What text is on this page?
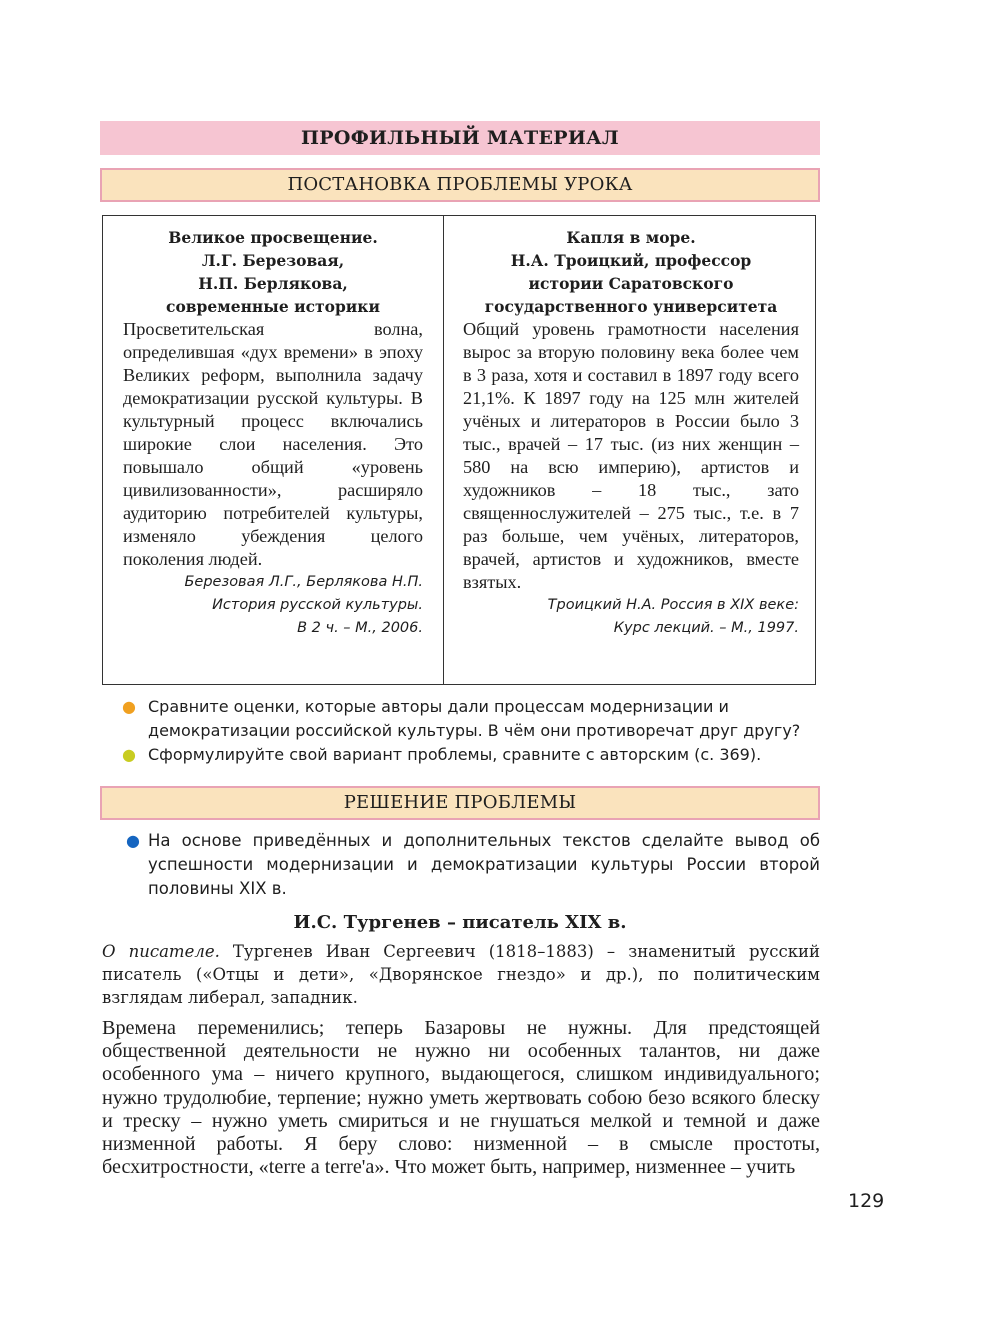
ПРОФИЛЬНЫЙ МАТЕРИАЛ
ПОСТАНОВКА ПРОБЛЕМЫ УРОКА
Великое просвещение.
Л.Г. Березовая,
Н.П. Берлякова,
современные историки
Просветительская волна, определившая «дух времени» в эпоху Великих реформ, выполнила задачу демократизации русской культуры. В культурный процесс включались широкие слои населения. Это повышало общий «уровень цивилизованности», расширяло аудиторию потребителей культуры, изменяло убеждения целого поколения людей.
Березовая Л.Г., Берлякова Н.П.
История русской культуры.
В 2 ч. – М., 2006.
Капля в море.
Н.А. Троицкий, профессор
истории Саратовского
государственного университета
Общий уровень грамотности населения вырос за вторую половину века более чем в 3 раза, хотя и составил в 1897 году всего 21,1%. К 1897 году на 125 млн жителей учёных и литераторов в России было 3 тыс., врачей – 17 тыс. (из них женщин – 580 на всю империю), артистов и художников – 18 тыс., зато священнослужителей – 275 тыс., т.е. в 7 раз больше, чем учёных, литераторов, врачей, артистов и художников, вместе взятых.
Троицкий Н.А. Россия в XIX веке:
Курс лекций. – М., 1997.
● Сравните оценки, которые авторы дали процессам модернизации и демократизации российской культуры. В чём они противоречат друг другу?
● Сформулируйте свой вариант проблемы, сравните с авторским (с. 369).
РЕШЕНИЕ ПРОБЛЕМЫ
● На основе приведённых и дополнительных текстов сделайте вывод об успешности модернизации и демократизации культуры России второй половины XIX в.
И.С. Тургенев – писатель XIX в.
О писателе. Тургенев Иван Сергеевич (1818–1883) – знаменитый русский писатель («Отцы и дети», «Дворянское гнездо» и др.), по политическим взглядам либерал, западник.
Времена переменились; теперь Базаровы не нужны. Для предстоящей общественной деятельности не нужно ни особенных талантов, ни даже особенного ума – ничего крупного, выдающегося, слишком индивидуального; нужно трудолюбие, терпение; нужно уметь жертвовать собою безо всякого блеску и треску – нужно уметь смириться и не гнушаться мелкой и темной и даже низменной работы. Я беру слово: низменной – в смысле простоты, бесхитростности, «terre a terre'a». Что может быть, например, низменнее – учить
129
